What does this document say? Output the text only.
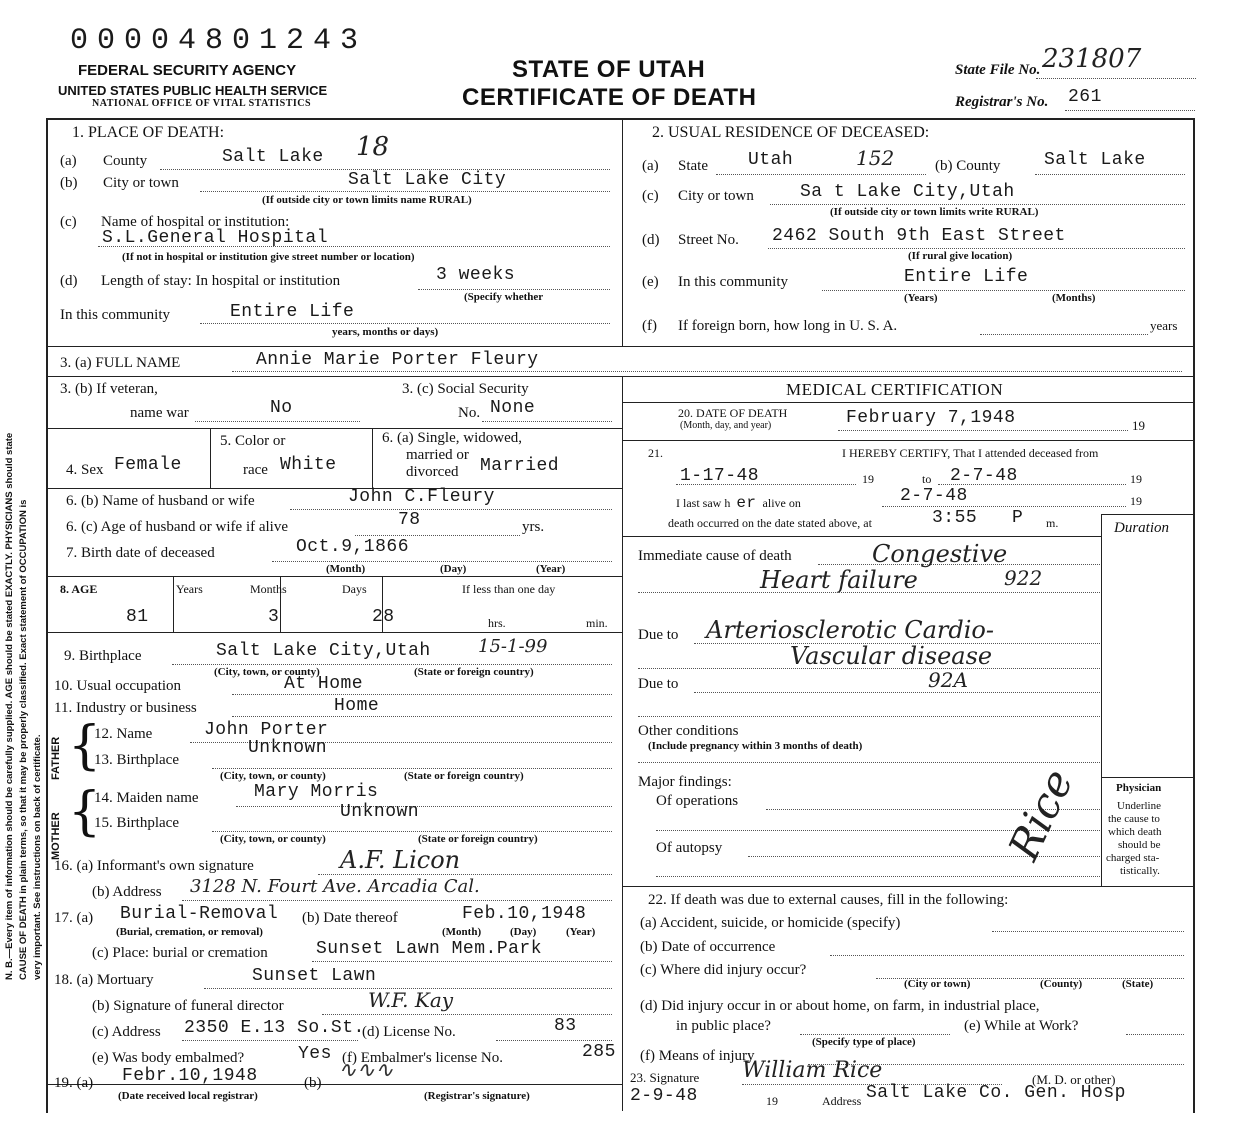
00004801243
FEDERAL SECURITY AGENCY
UNITED STATES PUBLIC HEALTH SERVICE
NATIONAL OFFICE OF VITAL STATISTICS
STATE OF UTAH
CERTIFICATE OF DEATH
State File No. 231807
Registrar's No. 261
N. B.—Every item of information should be carefully supplied. AGE should be stated EXACTLY. PHYSICIANS should state CAUSE OF DEATH in plain terms, so that it may be properly classified. Exact statement of OCCUPATION is very important. See instructions on back of certificate.
1. PLACE OF DEATH:
(a) County	Salt Lake 18
(b) City or town	Salt Lake City
(If outside city or town limits name RURAL)
(c) Name of hospital or institution:
S.L.General Hospital
(If not in hospital or institution give street number or location)
(d) Length of stay: In hospital or institution	3 weeks
(Specify whether
In this community	Entire Life
years, months or days)
2. USUAL RESIDENCE OF DECEASED:
(a) State Utah	152	(b) County Salt Lake
(c) City or town	Sa t Lake City,Utah
(If outside city or town limits write RURAL)
(d) Street No. 2462 South 9th East Street
(If rural give location)
(e) In this community	Entire Life
(Years)	(Months)
(f) If foreign born, how long in U. S. A.	years
3. (a) FULL NAME	Annie Marie Porter Fleury
3. (b) If veteran,
name war	No
3. (c) Social Security
No. None
4. Sex Female
5. Color or
race White
6. (a) Single, widowed,
married or
divorced Married
6. (b) Name of husband or wife	John C.Fleury
6. (c) Age of husband or wife if alive	78	yrs.
7. Birth date of deceased	Oct.9,1866
(Month)	(Day)	(Year)
8. AGE	Years	Months	Days	If less than one day
81	3	28	hrs.	min.
9. Birthplace	Salt Lake City,Utah	15-1-99
(City, town, or county)	(State or foreign country)
10. Usual occupation	At Home
11. Industry or business	Home
FATHER
MOTHER
{
{
12. Name	John Porter
13. Birthplace
Unknown
(City, town, or county)	(State or foreign country)
14. Maiden name	Mary Morris
15. Birthplace
Unknown
(City, town, or county)	(State or foreign country)
16. (a) Informant's own signature	A.F. Licon
(b) Address 3128 N. Fourt Ave. Arcadia Cal.
17. (a) Burial-Removal
(Burial, cremation, or removal)
(b) Date thereof	Feb.10,1948
(Month)	(Day)	(Year)
(c) Place: burial or cremation	Sunset Lawn Mem.Park
18. (a) Mortuary	Sunset Lawn
(b) Signature of funeral director	W.F. Kay
(c) Address 2350 E.13 So.St.
(d) License No.	83
(e) Was body embalmed?	Yes (f) Embalmer's license No.	285
19. (a) Febr.10,1948
(Date received local registrar)
(b)
(Registrar's signature)
∿∿∿
MEDICAL CERTIFICATION
20. DATE OF DEATH
(Month, day, and year)	February 7,1948	19
21.	I HEREBY CERTIFY, That I attended deceased from
1-17-48	19	to 2-7-48	19
I last saw h er alive on	2-7-48	19
death occurred on the date stated above, at	3:55 P m.	Duration
Immediate cause of death	Congestive
Heart failure	922
Due to Arteriosclerotic Cardio-
Vascular disease
Due to	92A
Other conditions
(Include pregnancy within 3 months of death)
Major findings:
Of operations
Of autopsy	Rice	Physician
Underline
the cause to
which death
should be
charged sta-
tistically.
22. If death was due to external causes, fill in the following:
(a) Accident, suicide, or homicide (specify)
(b) Date of occurrence
(c) Where did injury occur?
(City or town)	(County)	(State)
(d) Did injury occur in or about home, on farm, in industrial place,
in public place?	(e) While at Work?
(Specify type of place)
(f) Means of injury
23. Signature William Rice	(M. D. or other)
2-9-48	19	Address Salt Lake Co. Gen. Hosp
